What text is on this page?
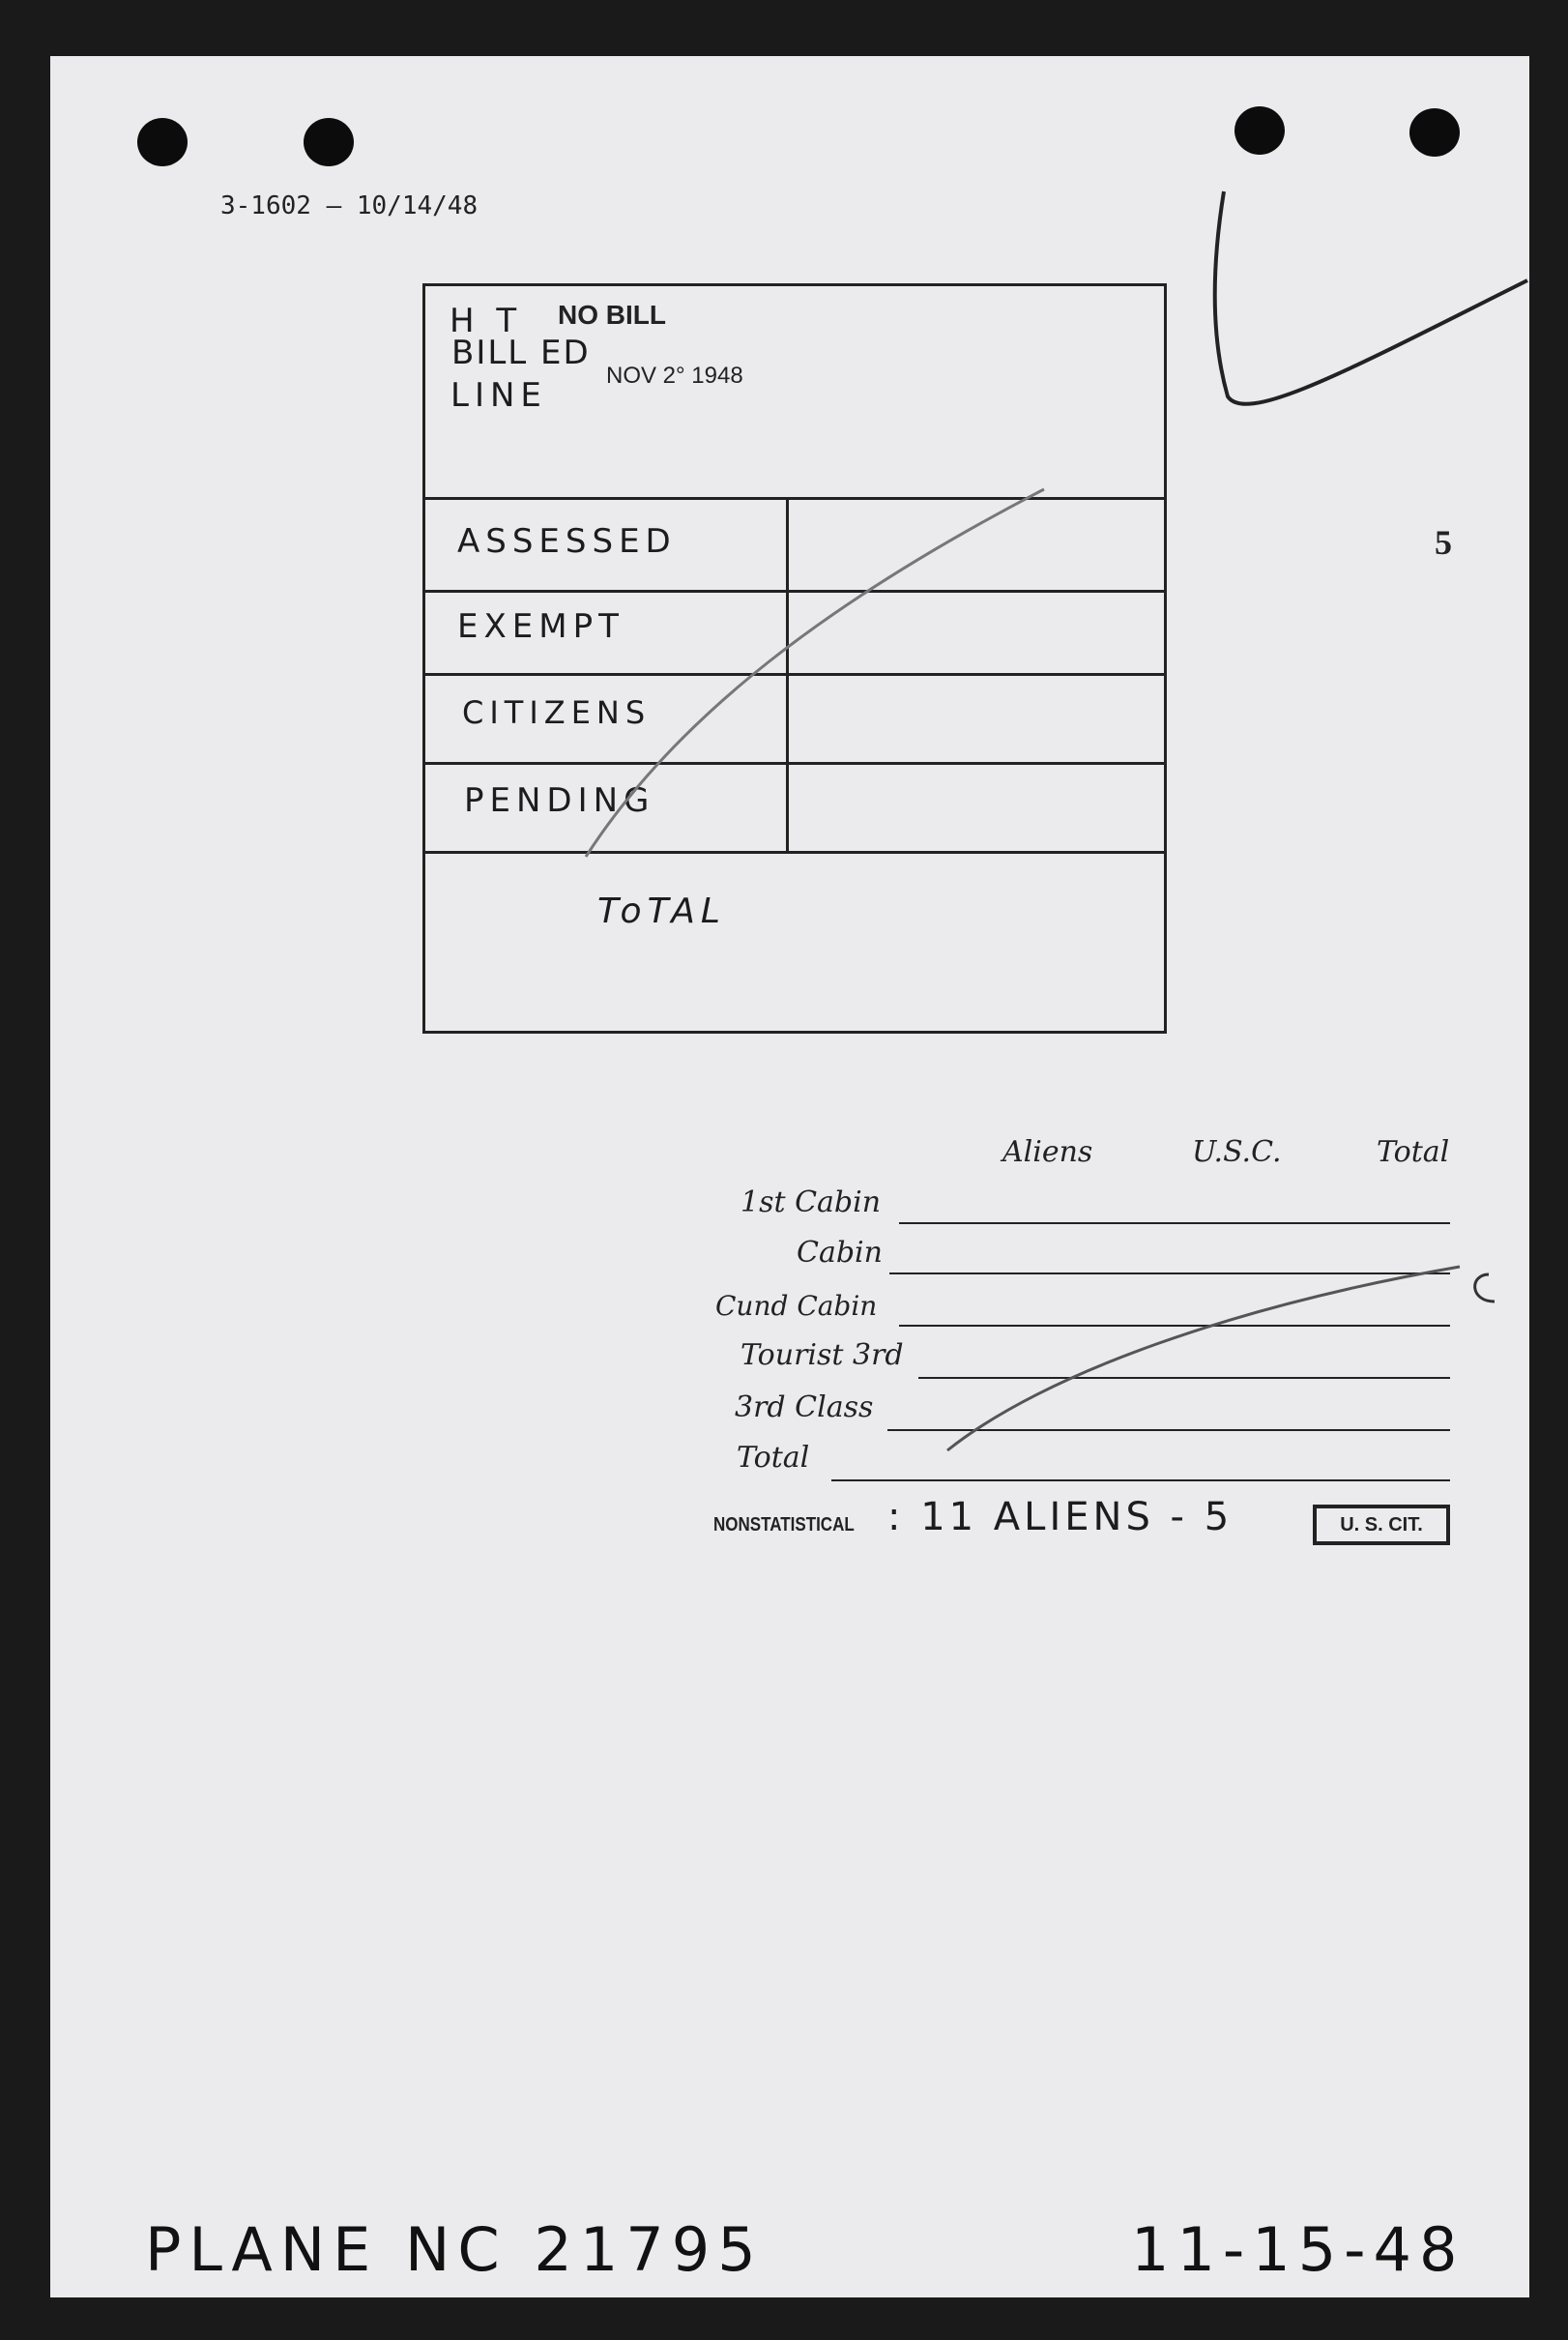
3-1602 — 10/14/48
5
H T
BILL ED
LINE
NO BILL
NOV 2° 1948
ASSESSED
EXEMPT
CITIZENS
PENDING
ToTAL
Aliens	U.S.C.	Total
1st Cabin
Cabin
Cund Cabin
Tourist 3rd
3rd Class
Total
NONSTATISTICAL : 11 ALIENS - 5	U. S. CIT.
PLANE NC 21795	11-15-48
